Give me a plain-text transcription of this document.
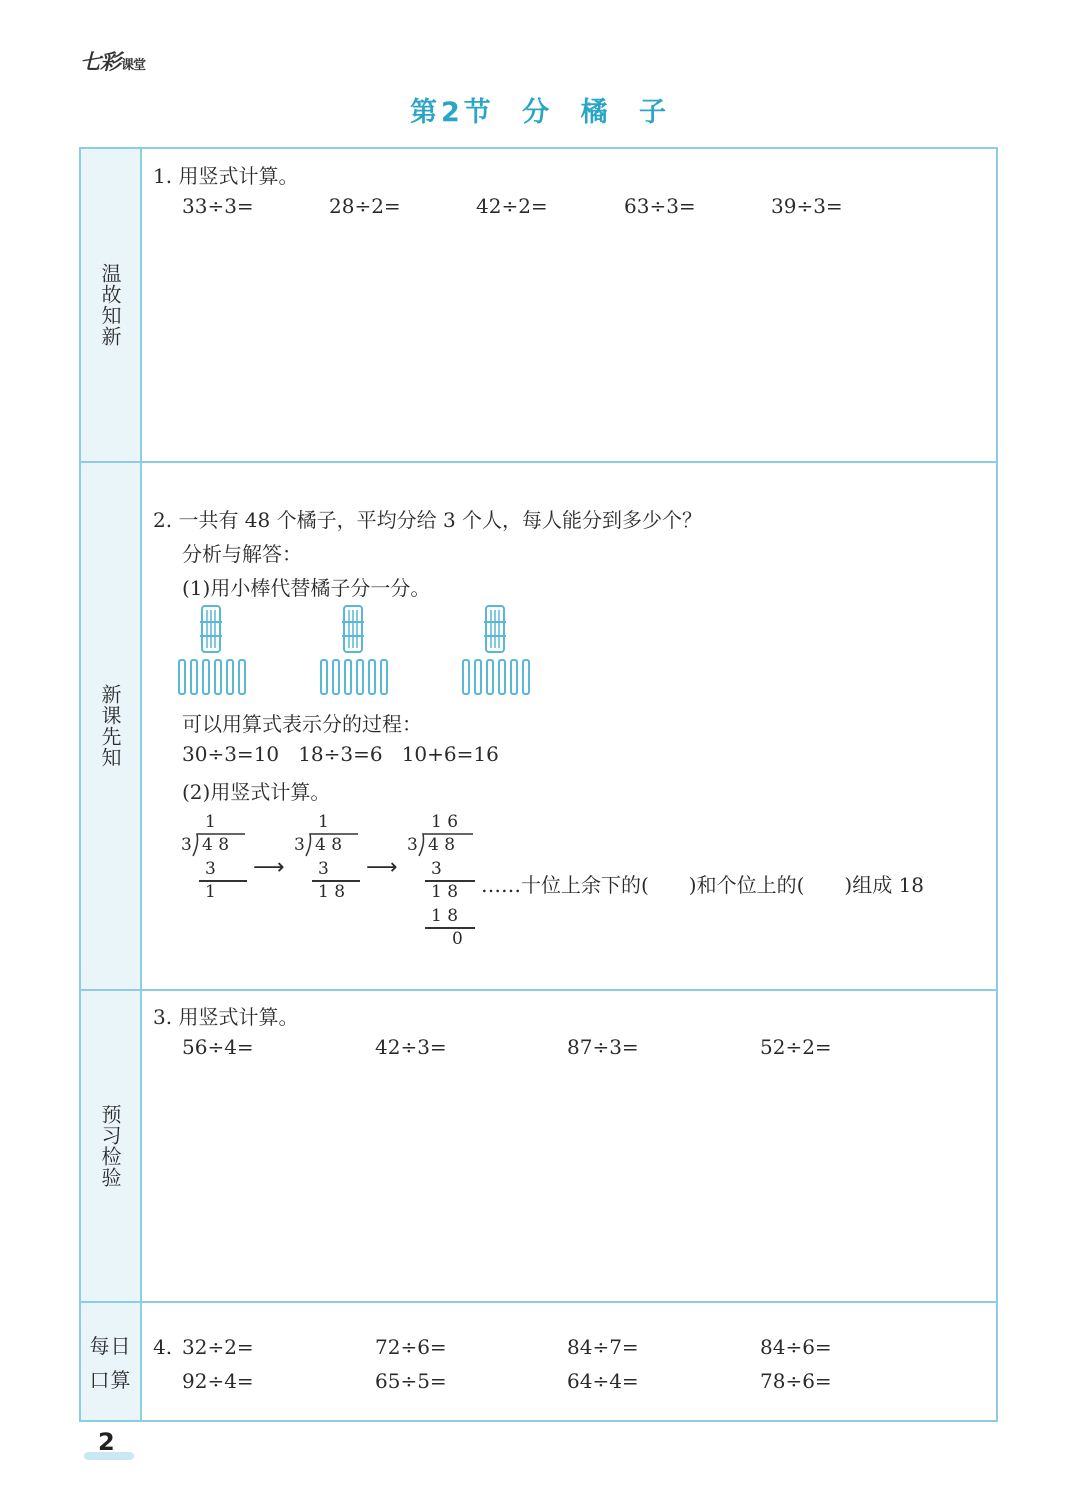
七彩课堂
第2节 分 橘 子
温故知新
新课先知
预习检验
每日
口算
1. 用竖式计算。
33÷3=	28÷2=	42÷2=	63÷3=	39÷3=
2. 一共有 48 个橘子，平均分给 3 个人，每人能分到多少个？
分析与解答：
(1)用小棒代替橘子分一分。
可以用算式表示分的过程：
30÷3=10   18÷3=6   10+6=16
(2)用竖式计算。
1
3 4 8
3
1
⟶
1
3 4 8
3
1 8
⟶
1 6
3 4 8
3
1 8
1 8
0
……十位上余下的(　　)和个位上的(　　)组成 18
3. 用竖式计算。
56÷4=	42÷3=	87÷3=	52÷2=
4. 32÷2=	72÷6=	84÷7=	84÷6=
92÷4=	65÷5=	64÷4=	78÷6=
2
